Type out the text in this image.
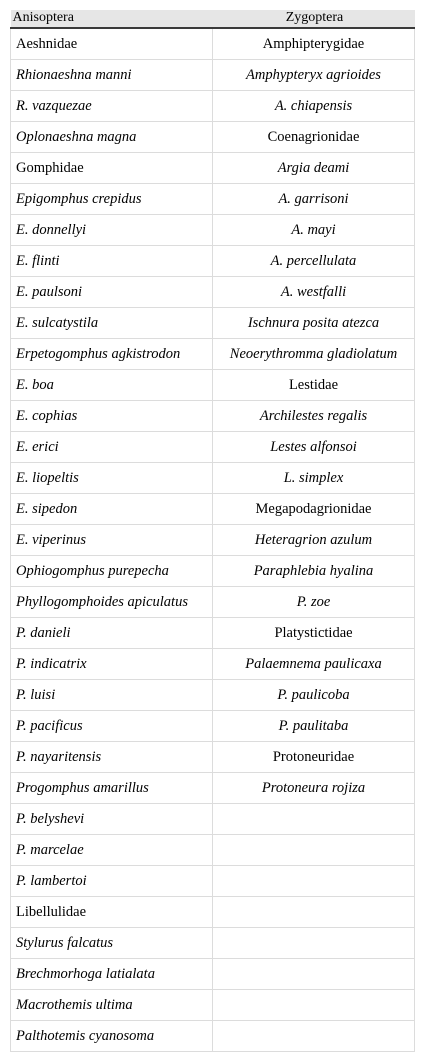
Anisoptera	Zygoptera
Aeshnidae	Amphipterygidae
Rhionaeshna manni	Amphypteryx agrioides
R. vazquezae	A. chiapensis
Oplonaeshna magna	Coenagrionidae
Gomphidae	Argia deami
Epigomphus crepidus	A. garrisoni
E. donnellyi	A. mayi
E. flinti	A. percellulata
E. paulsoni	A. westfalli
E. sulcatystila	Ischnura posita atezca
Erpetogomphus agkistrodon	Neoerythromma gladiolatum
E. boa	Lestidae
E. cophias	Archilestes regalis
E. erici	Lestes alfonsoi
E. liopeltis	L. simplex
E. sipedon	Megapodagrionidae
E. viperinus	Heteragrion azulum
Ophiogomphus purepecha	Paraphlebia hyalina
Phyllogomphoides apiculatus	P. zoe
P. danieli	Platystictidae
P. indicatrix	Palaemnema paulicaxa
P. luisi	P. paulicoba
P. pacificus	P. paulitaba
P. nayaritensis	Protoneuridae
Progomphus amarillus	Protoneura rojiza
P. belyshevi	
P. marcelae	
P. lambertoi	
Libellulidae	
Stylurus falcatus	
Brechmorhoga latialata	
Macrothemis ultima	
Palthotemis cyanosoma	
